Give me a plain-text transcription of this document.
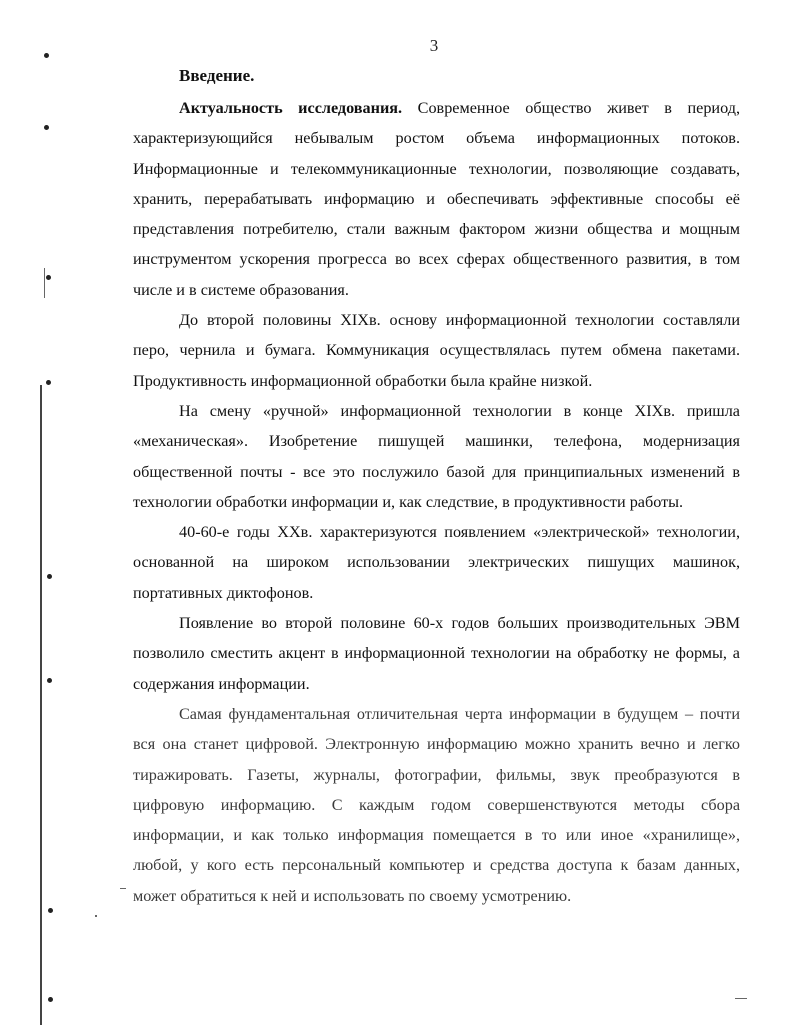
3
Введение.

Актуальность исследования. Современное общество живет в период, характеризующийся небывалым ростом объема информационных потоков. Информационные и телекоммуникационные технологии, позволяющие создавать, хранить, перерабатывать информацию и обеспечивать эффективные способы её представления потребителю, стали важным фактором жизни общества и мощным инструментом ускорения прогресса во всех сферах общественного развития, в том числе и в системе образования.

До второй половины XIXв. основу информационной технологии составляли перо, чернила и бумага. Коммуникация осуществлялась путем обмена пакетами. Продуктивность информационной обработки была крайне низкой.

На смену «ручной» информационной технологии в конце XIXв. пришла «механическая». Изобретение пишущей машинки, телефона, модернизация общественной почты - все это послужило базой для принципиальных изменений в технологии обработки информации и, как следствие, в продуктивности работы.

40-60-е годы XXв. характеризуются появлением «электрической» технологии, основанной на широком использовании электрических пишущих машинок, портативных диктофонов.

Появление во второй половине 60-х годов больших производительных ЭВМ позволило сместить акцент в информационной технологии на обработку не формы, а содержания информации.

Самая фундаментальная отличительная черта информации в будущем – почти вся она станет цифровой. Электронную информацию можно хранить вечно и легко тиражировать. Газеты, журналы, фотографии, фильмы, звук преобразуются в цифровую информацию. С каждым годом совершенствуются методы сбора информации, и как только информация помещается в то или иное «хранилище», любой, у кого есть персональный компьютер и средства доступа к базам данных, может обратиться к ней и использовать по своему усмотрению.
